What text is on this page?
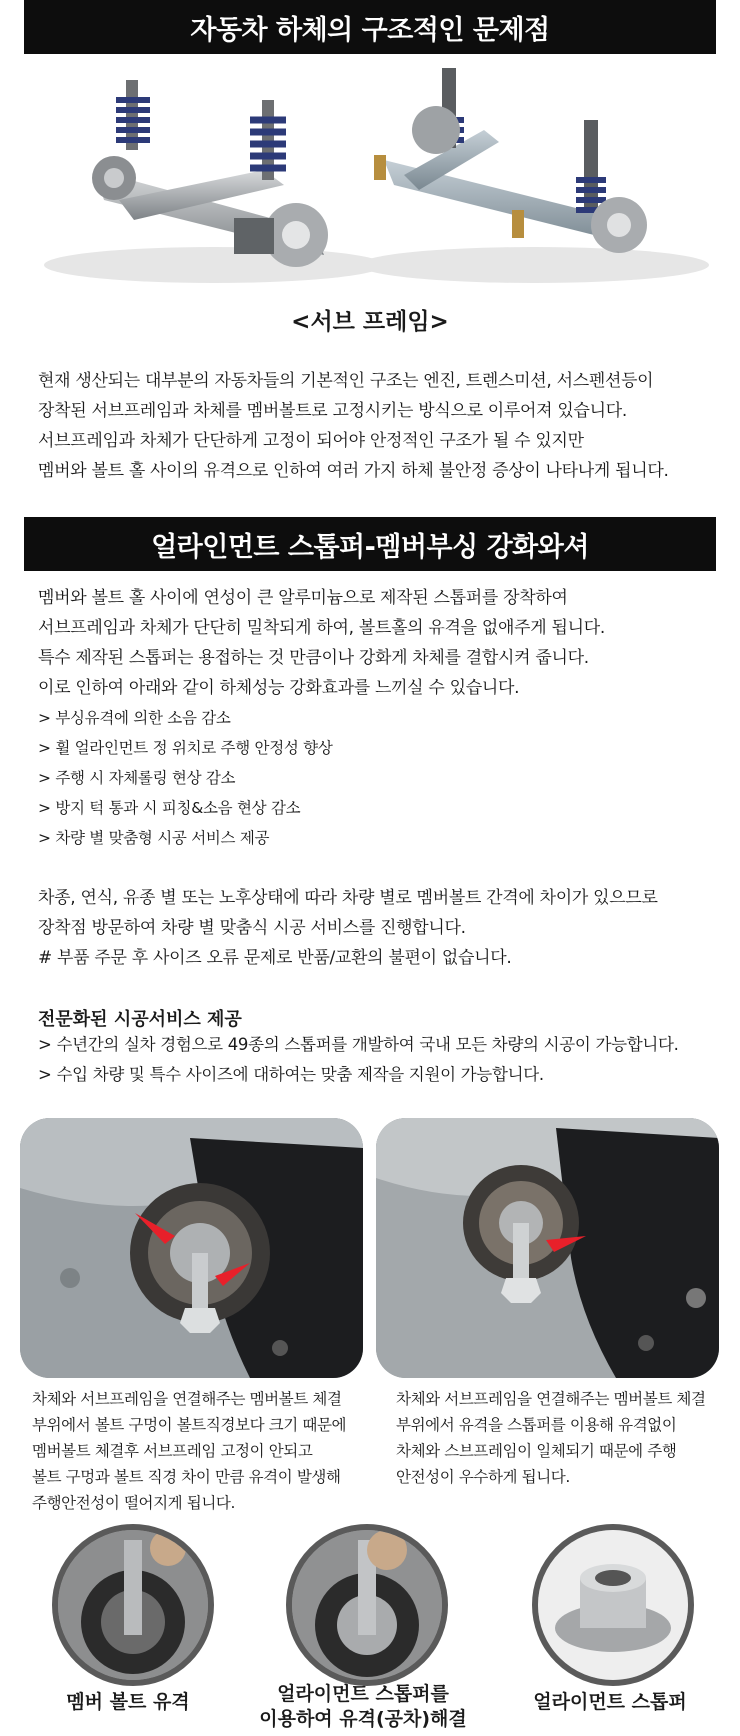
자동차 하체의 구조적인 문제점
<서브 프레임>
현재 생산되는 대부분의 자동차들의 기본적인 구조는 엔진, 트렌스미션, 서스펜션등이
장착된 서브프레임과 차체를 멤버볼트로 고정시키는 방식으로 이루어져 있습니다.
서브프레임과 차체가 단단하게 고정이 되어야 안정적인 구조가 될 수 있지만
멤버와 볼트 홀 사이의 유격으로 인하여 여러 가지 하체 불안정 증상이 나타나게 됩니다.
얼라인먼트 스톱퍼-멤버부싱 강화와셔
멤버와 볼트 홀 사이에 연성이 큰 알루미늄으로 제작된 스톱퍼를 장착하여
서브프레임과 차체가 단단히 밀착되게 하여, 볼트홀의 유격을 없애주게 됩니다.
특수 제작된 스톱퍼는 용접하는 것 만큼이나 강화게 차체를 결합시켜 줍니다.
이로 인하여 아래와 같이 하체성능 강화효과를 느끼실 수 있습니다.
> 부싱유격에 의한 소음 감소
> 휠 얼라인먼트 정 위치로 주행 안정성 향상
> 주행 시 자체롤링 현상 감소
> 방지 턱 통과 시 피칭&소음 현상 감소
> 차량 별 맞춤형 시공 서비스 제공
차종, 연식, 유종 별 또는 노후상태에 따라 차량 별로 멤버볼트 간격에 차이가 있으므로
장착점 방문하여 차량 별 맞춤식 시공 서비스를 진행합니다.
# 부품 주문 후 사이즈 오류 문제로 반품/교환의 불편이 없습니다.
전문화된 시공서비스 제공
> 수년간의 실차 경험으로 49종의 스톱퍼를 개발하여 국내 모든 차량의 시공이 가능합니다.
> 수입 차량 및 특수 사이즈에 대하여는 맞춤 제작을 지원이 가능합니다.
차체와 서브프레임을 연결해주는 멤버볼트 체결
부위에서 볼트 구멍이 볼트직경보다 크기 때문에
멤버볼트 체결후 서브프레임 고정이 안되고
볼트 구멍과 볼트 직경 차이 만큼 유격이 발생해
주행안전성이 떨어지게 됩니다.
차체와 서브프레임을 연결해주는 멤버볼트 체결
부위에서 유격을 스톱퍼를 이용해 유격없이
차체와 스브프레임이 일체되기 때문에 주행
안전성이 우수하게 됩니다.
멤버 볼트 유격	얼라이먼트 스톱퍼를
이용하여 유격(공차)해결
얼라이먼트 스톱퍼
